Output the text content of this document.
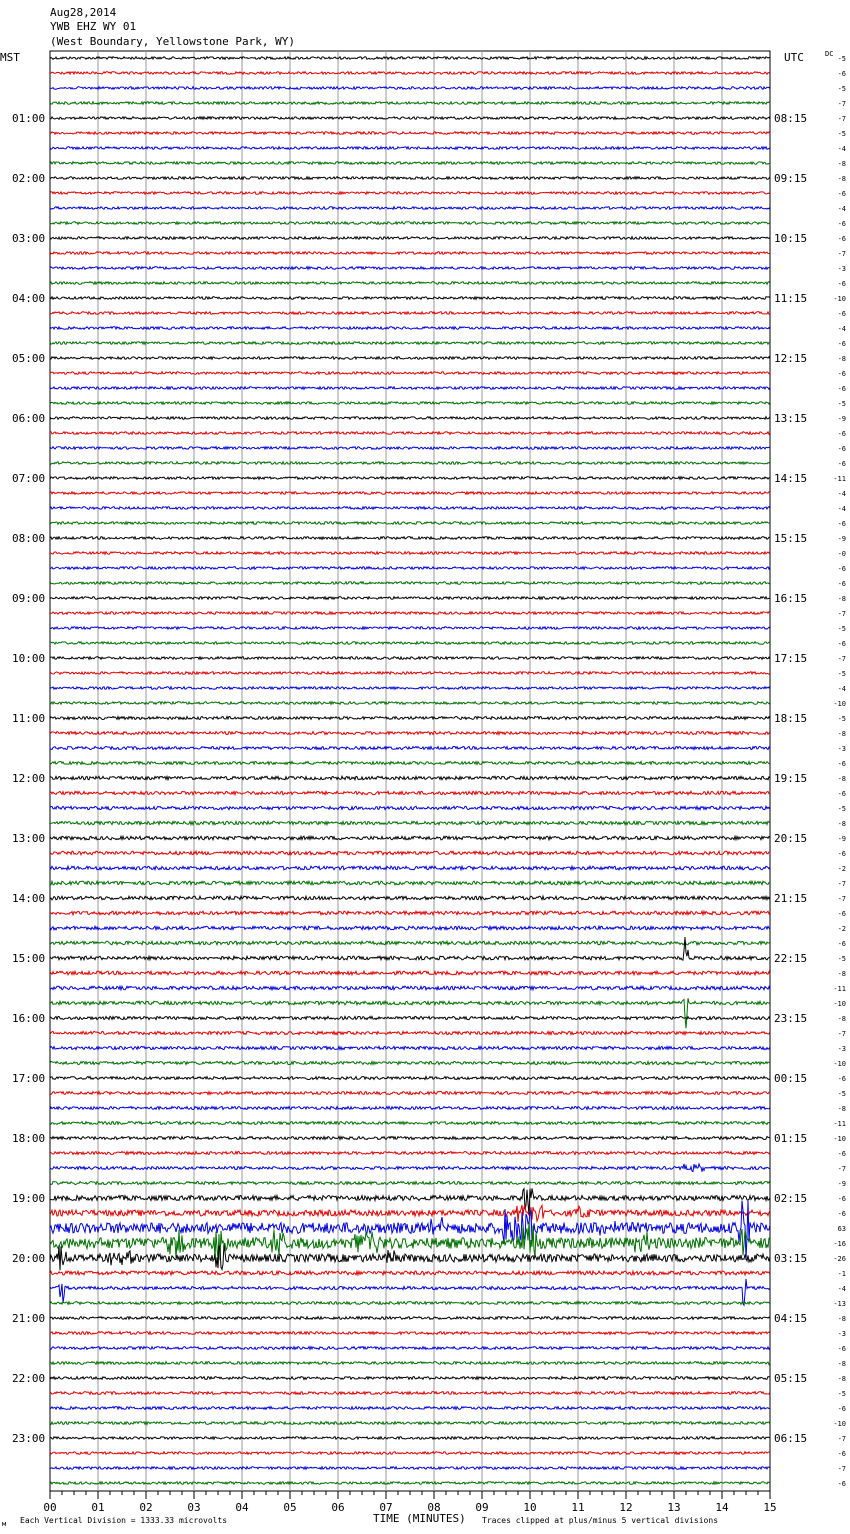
Aug28,2014
YWB EHZ WY 01
(West Boundary, Yellowstone Park, WY)
MST	UTC	DC
01:00
02:00
03:00
04:00
05:00
06:00
07:00
08:00
09:00
10:00
11:00
12:00
13:00
14:00
15:00
16:00
17:00
18:00
19:00
20:00
21:00
22:00
23:00
08:15
09:15
10:15
11:15
12:15
13:15
14:15
15:15
16:15
17:15
18:15
19:15
20:15
21:15
22:15
23:15
00:15
01:15
02:15
03:15
04:15
05:15
06:15
-5
-6
-5
-7
-7
-5
-4
-8
-8
-6
-4
-6
-6
-7
-3
-6
-10
-6
-4
-6
-8
-6
-6
-5
-9
-6
-6
-6
-11
-4
-4
-6
-9
-0
-6
-6
-8
-7
-5
-6
-7
-5
-4
-10
-5
-8
-3
-6
-8
-6
-5
-8
-9
-6
-2
-7
-7
-6
-2
-6
-5
-8
-11
-10
-8
-7
-3
-10
-6
-5
-8
-11
-10
-6
-7
-9
-6
-6
63
-16
-26
-1
-4
-13
-8
-3
-6
-8
-8
-5
-6
-10
-7
-6
-7
-6
00	01	02	03	04	05	06	07	08	09	10	11	12	13	14	15
м Each Vertical Division = 1333.33 microvolts	TIME (MINUTES) Traces clipped at plus/minus 5 vertical divisions
